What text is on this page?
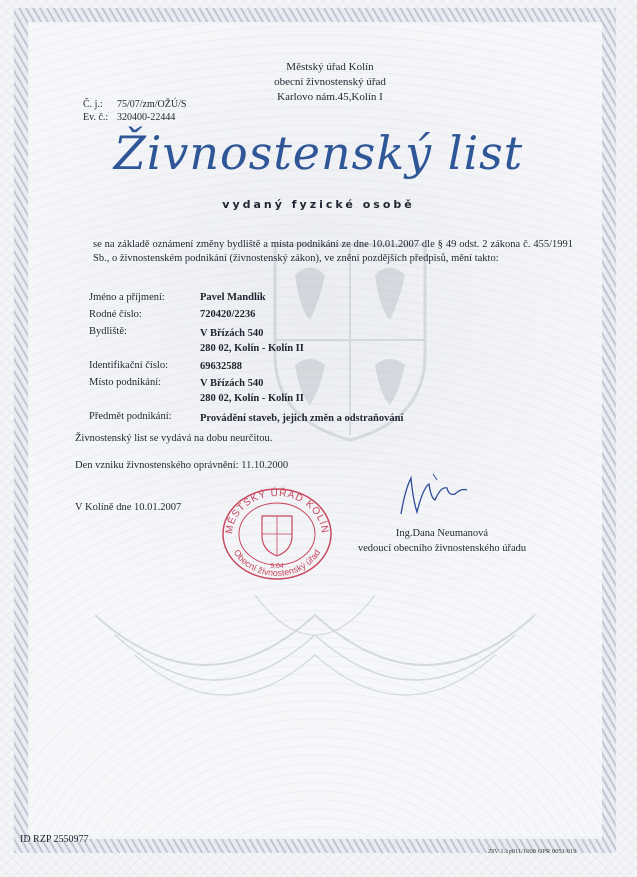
Městský úřad Kolín
obecní živnostenský úřad
Karlovo nám.45,Kolín I
Č. j.: 75/07/zm/OŽÚ/S
Ev. č.: 320400-22444
Živnostenský list
vydaný fyzické osobě
se na základě oznámení změny bydliště a místa podnikání ze dne 10.01.2007 dle § 49 odst. 2 zákona č. 455/1991 Sb., o živnostenském podnikání (živnostenský zákon), ve znění pozdějších předpisů, mění takto:
Jméno a příjmení:	Pavel Mandlík
Rodné číslo:	720420/2236
Bydliště:	V Břízách 540
280 02, Kolín - Kolín II
Identifikační číslo:	69632588
Místo podnikání:	V Břízách 540
280 02, Kolín - Kolín II
Předmět podnikání:	Provádění staveb, jejich změn a odstraňování
Živnostenský list se vydává na dobu neurčitou.
Den vzniku živnostenského oprávnění: 11.10.2000
V Kolíně dne 10.01.2007
MĚSTSKÝ ÚŘAD KOLÍN
Obecní živnostenský úřad
9.04
Ing.Dana Neumanová
vedoucí obecního živnostenského úřadu
ID RZP 2550977
ZIV 1.1p011/1008 OPR 0051/019
